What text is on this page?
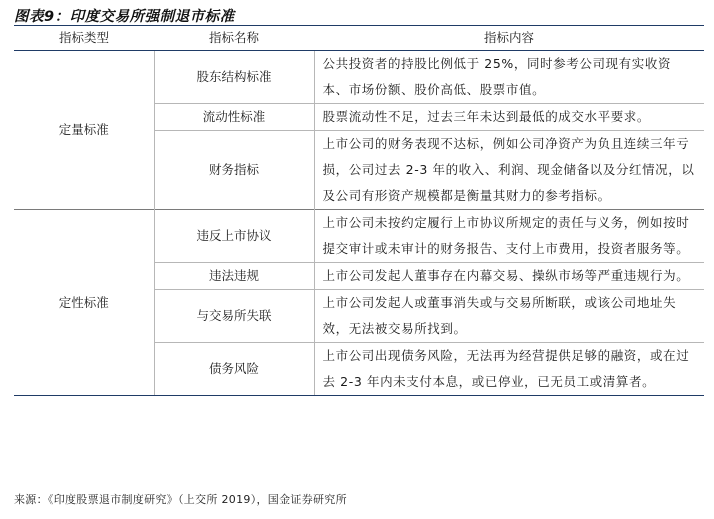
图表9：印度交易所强制退市标准
指标类型	指标名称	指标内容
定量标准	股东结构标准	公共投资者的持股比例低于 25%，同时参考公司现有实收资本、市场份额、股价高低、股票市值。
	流动性标准	股票流动性不足，过去三年未达到最低的成交水平要求。
	财务指标	上市公司的财务表现不达标，例如公司净资产为负且连续三年亏损，公司过去 2-3 年的收入、利润、现金储备以及分红情况，以及公司有形资产规模都是衡量其财力的参考指标。
定性标准	违反上市协议	上市公司未按约定履行上市协议所规定的责任与义务，例如按时提交审计或未审计的财务报告、支付上市费用，投资者服务等。
	违法违规	上市公司发起人董事存在内幕交易、操纵市场等严重违规行为。
	与交易所失联	上市公司发起人或董事消失或与交易所断联，或该公司地址失效，无法被交易所找到。
	债务风险	上市公司出现债务风险，无法再为经营提供足够的融资，或在过去 2-3 年内未支付本息，或已停业，已无员工或清算者。
来源：《印度股票退市制度研究》（上交所 2019），国金证券研究所
